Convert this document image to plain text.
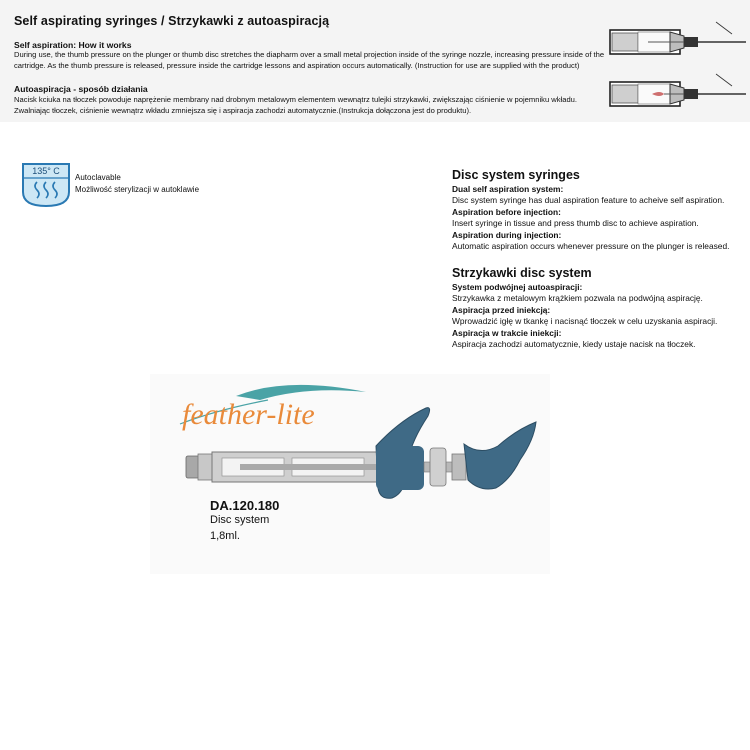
Self aspirating syringes / Strzykawki z autoaspiracją
Self aspiration: How it works
During use, the thumb pressure on the plunger or thumb disc stretches the diapharm over a small metal projection inside of the syringe nozzle, increasing pressure inside of the cartridge. As the thumb pressure is released, pressure inside the cartridge lessons and aspiration occurs automatically. (Instruction for use are supplied with the product)
Autoaspiracja - sposób działania
Nacisk kciuka na tłoczek powoduje naprężenie membrany nad drobnym metalowym elementem wewnątrz tulejki strzykawki, zwiększając ciśnienie w pojemniku wkładu. Zwalniając tłoczek, ciśnienie wewnątrz wkładu zmniejsza się i aspiracja zachodzi automatycznie.(Instrukcja dołączona jest do produktu).
135° C
Autoclavable
Możliwość sterylizacji w autoklawie
Disc system syringes
Dual self aspiration system:
Disc system syringe has dual aspiration feature to acheive self aspiration.
Aspiration before injection:
Insert syringe in tissue and press thumb disc to achieve aspiration.
Aspiration during injection:
Automatic aspiration occurs whenever pressure on the plunger is released.
Strzykawki disc system
System podwójnej autoaspiracji:
Strzykawka z metalowym krążkiem pozwala na podwójną aspirację.
Aspiracja przed iniekcją:
Wprowadzić igłę w tkankę i nacisnąć tłoczek w celu uzyskania aspiracji.
Aspiracja w trakcie iniekcji:
Aspiracja zachodzi automatycznie, kiedy ustaje nacisk na tłoczek.
feather-lite
DA.120.180
Disc system
1,8ml.
